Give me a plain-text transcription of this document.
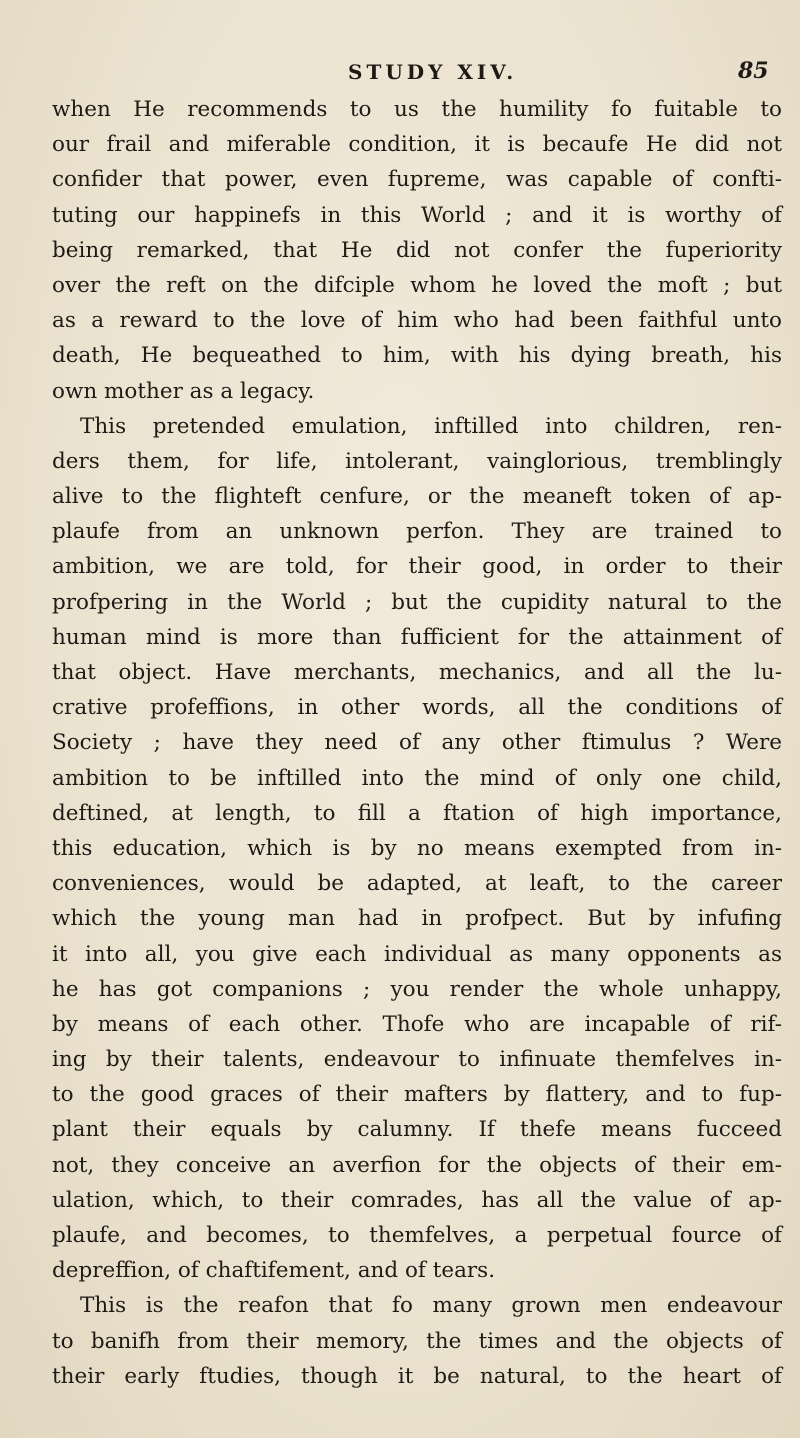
STUDY XIV.	85
when He recommends to us the humility fo fuitable to
our frail and miferable condition, it is becaufe He did not
confider that power, even fupreme, was capable of confti-
tuting our happinefs in this World ; and it is worthy of
being remarked, that He did not confer the fuperiority
over the reft on the difciple whom he loved the moft ; but
as a reward to the love of him who had been faithful unto
death, He bequeathed to him, with his dying breath, his
own mother as a legacy.
This pretended emulation, inftilled into children, ren-
ders them, for life, intolerant, vainglorious, tremblingly
alive to the flighteft cenfure, or the meaneft token of ap-
plaufe from an unknown perfon. They are trained to
ambition, we are told, for their good, in order to their
profpering in the World ; but the cupidity natural to the
human mind is more than fufficient for the attainment of
that object. Have merchants, mechanics, and all the lu-
crative profeffions, in other words, all the conditions of
Society ; have they need of any other ftimulus ? Were
ambition to be inftilled into the mind of only one child,
deftined, at length, to fill a ftation of high importance,
this education, which is by no means exempted from in-
conveniences, would be adapted, at leaft, to the career
which the young man had in profpect. But by infufing
it into all, you give each individual as many opponents as
he has got companions ; you render the whole unhappy,
by means of each other. Thofe who are incapable of rif-
ing by their talents, endeavour to infinuate themfelves in-
to the good graces of their mafters by flattery, and to fup-
plant their equals by calumny. If thefe means fucceed
not, they conceive an averfion for the objects of their em-
ulation, which, to their comrades, has all the value of ap-
plaufe, and becomes, to themfelves, a perpetual fource of
depreffion, of chaftifement, and of tears.
This is the reafon that fo many grown men endeavour
to banifh from their memory, the times and the objects of
their early ftudies, though it be natural, to the heart of
